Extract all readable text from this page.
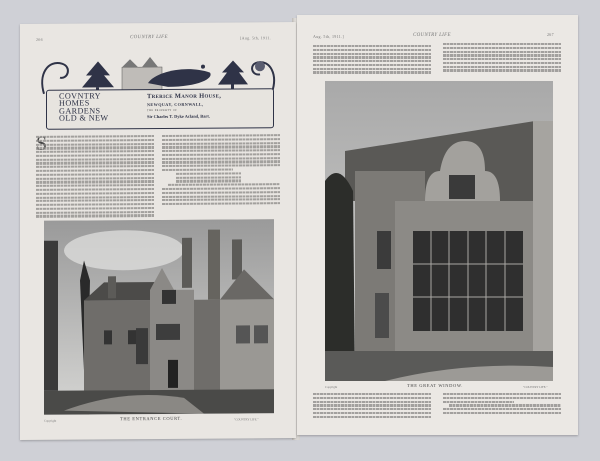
266	COUNTRY LIFE	[Aug. 5th, 1911.
COVNTRY
HOMES
GARDENS
OLD & NEW
Trerice Manor House,
NEWQUAY, CORNWALL,
THE PROPERTY OF
Sir Charles T. Dyke Acland, Bart.
Copyright	THE ENTRANCE COURT.	"COUNTRY LIFE."
Aug. 5th, 1911.]	COUNTRY LIFE	267
Copyright	THE GREAT WINDOW.	"COUNTRY LIFE."
